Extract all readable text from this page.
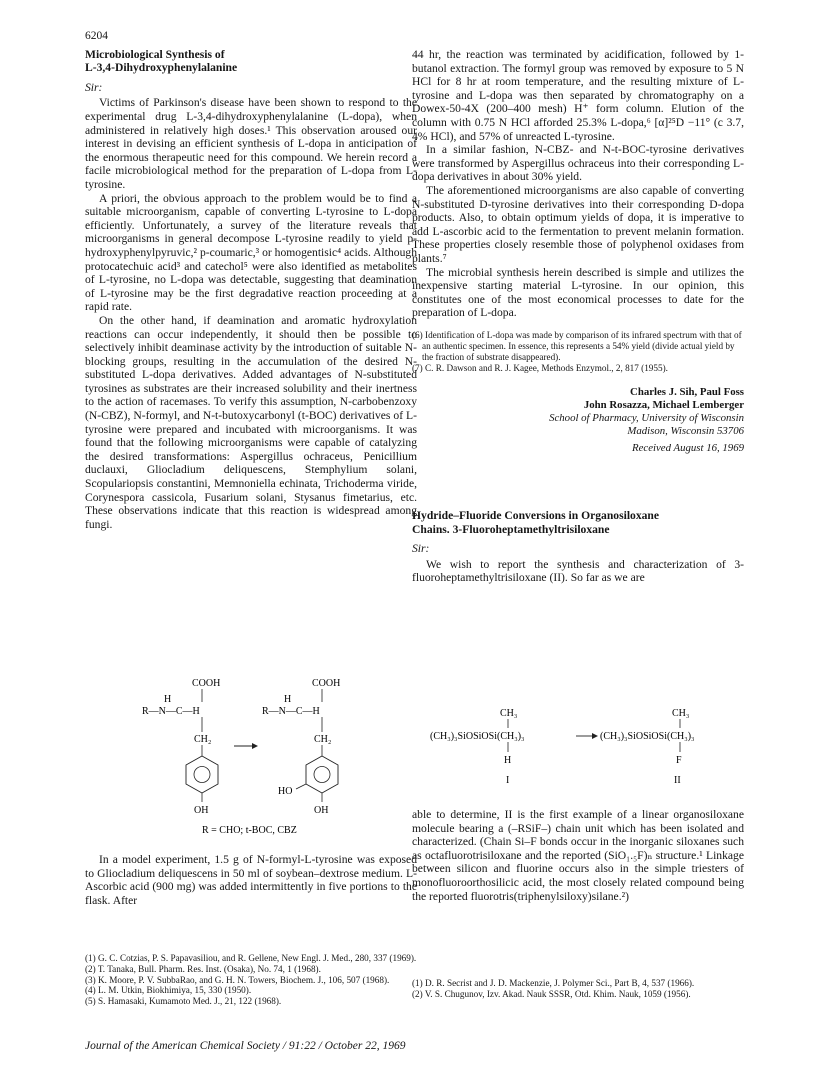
6204

Microbiological Synthesis of

L-3,4-Dihydroxyphenylalanine

Sir:

Victims of Parkinson's disease have been shown to respond to the experimental drug L-3,4-dihydroxyphenylalanine (L-dopa), when administered in relatively high doses.¹ This observation aroused our interest in devising an efficient synthesis of L-dopa in anticipation of the enormous therapeutic need for this compound. We herein record a facile microbiological method for the preparation of L-dopa from L-tyrosine.

A priori, the obvious approach to the problem would be to find a suitable microorganism, capable of converting L-tyrosine to L-dopa efficiently. Unfortunately, a survey of the literature reveals that microorganisms in general decompose L-tyrosine readily to yield p-hydroxyphenylpyruvic,² p-coumaric,³ or homogentisic⁴ acids. Although protocatechuic acid³ and catechol⁵ were also identified as metabolites of L-tyrosine, no L-dopa was detectable, suggesting that deamination of L-tyrosine may be the first degradative reaction proceeding at a rapid rate.

On the other hand, if deamination and aromatic hydroxylation reactions can occur independently, it should then be possible to selectively inhibit deaminase activity by the introduction of suitable N-blocking groups, resulting in the accumulation of the desired N-substituted L-dopa derivatives. Added advantages of N-substituted tyrosines as substrates are their increased solubility and their inertness to the action of racemases. To verify this assumption, N-carbobenzoxy (N-CBZ), N-formyl, and N-t-butoxycarbonyl (t-BOC) derivatives of L-tyrosine were prepared and incubated with microorganisms. It was found that the following microorganisms were capable of catalyzing the desired transformations: Aspergillus ochraceus, Penicillium duclauxi, Gliocladium deliquescens, Stemphylium solani, Scopulariopsis constantini, Memnoniella echinata, Trichoderma viride, Corynespora cassicola, Fusarium solani, Stysanus fimetarius, etc. These observations indicate that this reaction is widespread among fungi.

COOH
H
R—N—C—H
CH₂
OH
COOH
H
R—N—C—H
CH₂
HO
OH
R = CHO; t-BOC, CBZ

In a model experiment, 1.5 g of N-formyl-L-tyrosine was exposed to Gliocladium deliquescens in 50 ml of soybean–dextrose medium. L-Ascorbic acid (900 mg) was added intermittently in five portions to the flask. After

(1) G. C. Cotzias, P. S. Papavasiliou, and R. Gellene, New Engl. J. Med., 280, 337 (1969).

(2) T. Tanaka, Bull. Pharm. Res. Inst. (Osaka), No. 74, 1 (1968).

(3) K. Moore, P. V. SubbaRao, and G. H. N. Towers, Biochem. J., 106, 507 (1968).

(4) L. M. Utkin, Biokhimiya, 15, 330 (1950).

(5) S. Hamasaki, Kumamoto Med. J., 21, 122 (1968).

44 hr, the reaction was terminated by acidification, followed by 1-butanol extraction. The formyl group was removed by exposure to 5 N HCl for 8 hr at room temperature, and the resulting mixture of L-tyrosine and L-dopa was then separated by chromatography on a Dowex-50-4X (200–400 mesh) H⁺ form column. Elution of the column with 0.75 N HCl afforded 25.3% L-dopa,⁶ [α]²⁵D −11° (c 3.7, 4% HCl), and 57% of unreacted L-tyrosine.

In a similar fashion, N-CBZ- and N-t-BOC-tyrosine derivatives were transformed by Aspergillus ochraceus into their corresponding L-dopa derivatives in about 30% yield.

The aforementioned microorganisms are also capable of converting N-substituted D-tyrosine derivatives into their corresponding D-dopa products. Also, to obtain optimum yields of dopa, it is imperative to add L-ascorbic acid to the fermentation to prevent melanin formation. These properties closely resemble those of polyphenol oxidases from plants.⁷

The microbial synthesis herein described is simple and utilizes the inexpensive starting material L-tyrosine. In our opinion, this constitutes one of the most economical processes to date for the preparation of L-dopa.

(6) Identification of L-dopa was made by comparison of its infrared spectrum with that of an authentic specimen. In essence, this represents a 54% yield (divide actual yield by the fraction of substrate disappeared).

(7) C. R. Dawson and R. J. Kagee, Methods Enzymol., 2, 817 (1955).

Charles J. Sih, Paul Foss
John Rosazza, Michael Lemberger
School of Pharmacy, University of Wisconsin
Madison, Wisconsin 53706
Received August 16, 1969

Hydride–Fluoride Conversions in Organosiloxane

Chains. 3-Fluoroheptamethyltrisiloxane

Sir:

We wish to report the synthesis and characterization of 3-fluoroheptamethyltrisiloxane (II). So far as we are

CH₃
(CH₃)₃SiOSiOSi(CH₃)₃
H
I
CH₃
(CH₃)₃SiOSiOSi(CH₃)₃
F
II

able to determine, II is the first example of a linear organosiloxane molecule bearing a (–RSiF–) chain unit which has been isolated and characterized. (Chain Si–F bonds occur in the inorganic siloxanes such as octafluorotrisiloxane and the reported (SiO₁.₅F)ₙ structure.¹ Linkage between silicon and fluorine occurs also in the simple triesters of monofluoroorthosilicic acid, the most closely related compound being the reported fluorotris(triphenylsiloxy)silane.²)

(1) D. R. Secrist and J. D. Mackenzie, J. Polymer Sci., Part B, 4, 537 (1966).

(2) V. S. Chugunov, Izv. Akad. Nauk SSSR, Otd. Khim. Nauk, 1059 (1956).

Journal of the American Chemical Society / 91:22 / October 22, 1969
